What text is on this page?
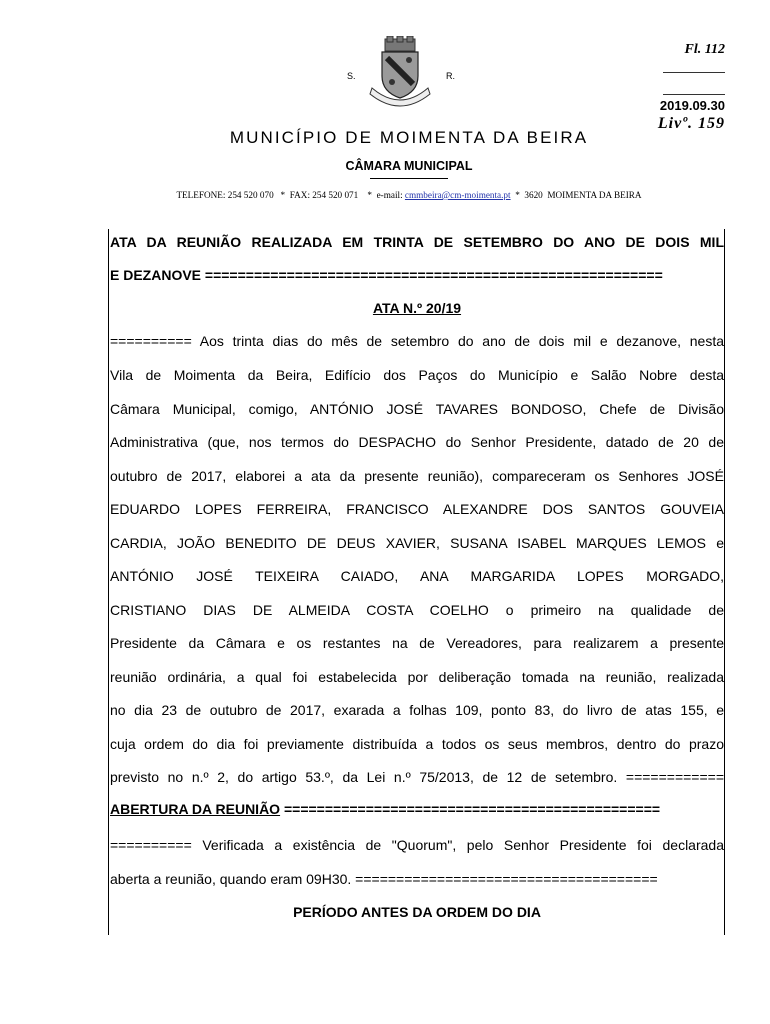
S.	R.
Fl. 112
2019.09.30
Livº. 159
MUNICÍPIO DE MOIMENTA DA BEIRA
CÂMARA MUNICIPAL
TELEFONE: 254 520 070   *  FAX: 254 520 071    *  e-mail: cmmbeira@cm-moimenta.pt  *  3620  MOIMENTA DA BEIRA
ATA DA REUNIÃO REALIZADA EM TRINTA DE SETEMBRO DO ANO DE DOIS MIL
E DEZANOVE ========================================================
ATA N.º 20/19
========== Aos trinta dias do mês de setembro do ano de dois mil e dezanove, nesta
Vila de Moimenta da Beira, Edifício dos Paços do Município e Salão Nobre desta
Câmara Municipal, comigo, ANTÓNIO JOSÉ TAVARES BONDOSO, Chefe de Divisão
Administrativa (que, nos termos do DESPACHO do Senhor Presidente, datado de 20 de
outubro de 2017, elaborei a ata da presente reunião), compareceram os Senhores JOSÉ
EDUARDO LOPES FERREIRA, FRANCISCO ALEXANDRE DOS SANTOS GOUVEIA
CARDIA, JOÃO BENEDITO DE DEUS XAVIER, SUSANA ISABEL MARQUES LEMOS e
ANTÓNIO JOSÉ TEIXEIRA CAIADO, ANA MARGARIDA LOPES MORGADO,
CRISTIANO DIAS DE ALMEIDA COSTA COELHO o primeiro na qualidade de
Presidente da Câmara e os restantes na de Vereadores, para realizarem a presente
reunião ordinária, a qual foi estabelecida por deliberação tomada na reunião, realizada
no dia 23 de outubro de 2017, exarada a folhas 109, ponto 83, do livro de atas 155, e
cuja ordem do dia foi previamente distribuída a todos os seus membros, dentro do prazo
previsto no n.º 2, do artigo 53.º, da Lei n.º 75/2013, de 12 de setembro. ============
ABERTURA DA REUNIÃO ==============================================
========== Verificada a existência de "Quorum", pelo Senhor Presidente foi declarada
aberta a reunião, quando eram 09H30. =====================================
PERÍODO ANTES DA ORDEM DO DIA
